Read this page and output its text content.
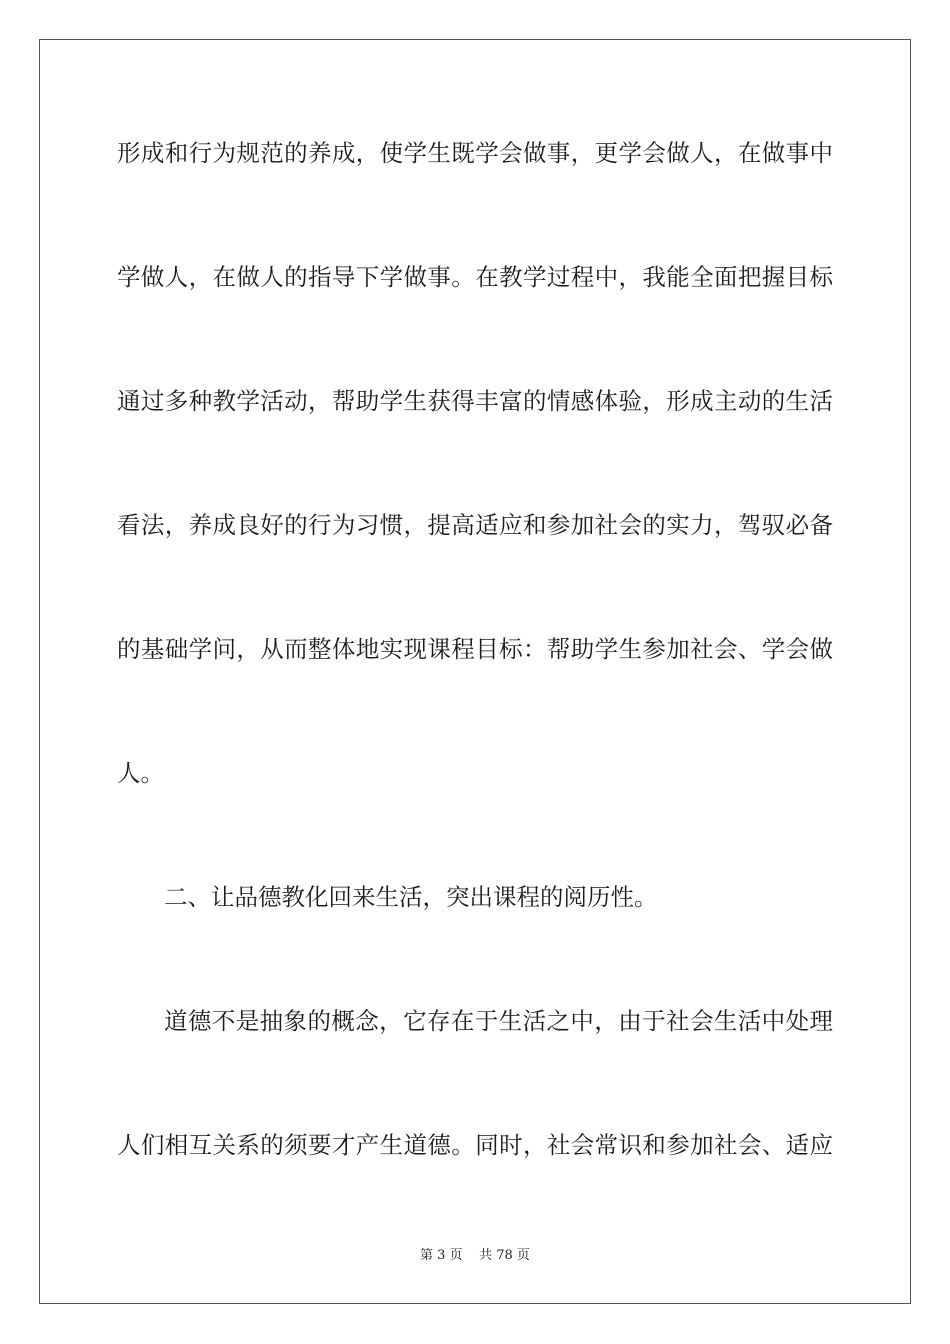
形成和行为规范的养成，使学生既学会做事，更学会做人，在做事中
学做人，在做人的指导下学做事。在教学过程中，我能全面把握目标
通过多种教学活动，帮助学生获得丰富的情感体验，形成主动的生活
看法，养成良好的行为习惯，提高适应和参加社会的实力，驾驭必备
的基础学问，从而整体地实现课程目标：帮助学生参加社会、学会做
人。
二、让品德教化回来生活，突出课程的阅历性。
道德不是抽象的概念，它存在于生活之中，由于社会生活中处理
人们相互关系的须要才产生道德。同时，社会常识和参加社会、适应
第 3 页 共 78 页
